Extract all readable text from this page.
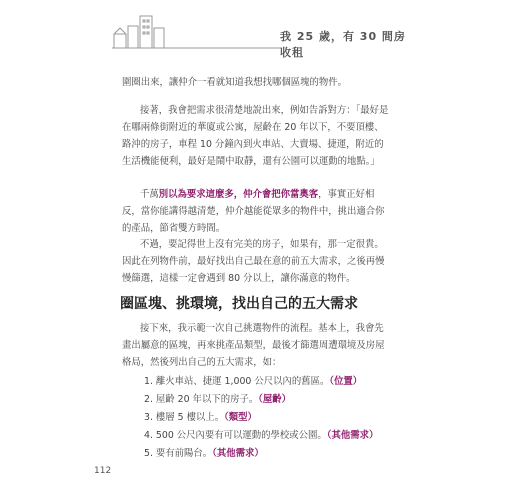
我 25 歲，有 30 間房收租
圍圈出來，讓仲介一看就知道我想找哪個區塊的物件。
接著，我會把需求很清楚地說出來，例如告訴對方：「最好是在哪兩條街附近的華廈或公寓，屋齡在 20 年以下，不要頂樓、路沖的房子，車程 10 分鐘內到火車站、大賣場、捷運，附近的生活機能便利，最好是鬧中取靜，還有公園可以運動的地點。」
千萬別以為要求這麼多，仲介會把你當奧客，事實正好相反，當你能講得越清楚，仲介越能從眾多的物件中，挑出適合你的產品，節省雙方時間。
不過，要記得世上沒有完美的房子，如果有，那一定很貴。因此在列物件前，最好找出自己最在意的前五大需求，之後再慢慢篩選，這樣一定會遇到 80 分以上，讓你滿意的物件。
圈區塊、挑環境，找出自己的五大需求
接下來，我示範一次自己挑選物件的流程。基本上，我會先畫出屬意的區塊，再來挑產品類型，最後才篩選周遭環境及房屋格局，然後列出自己的五大需求，如：
1. 離火車站、捷運 1,000 公尺以內的舊區。（位置）
2. 屋齡 20 年以下的房子。（屋齡）
3. 樓層 5 樓以上。（類型）
4. 500 公尺內要有可以運動的學校或公園。（其他需求）
5. 要有前陽台。（其他需求）
112
